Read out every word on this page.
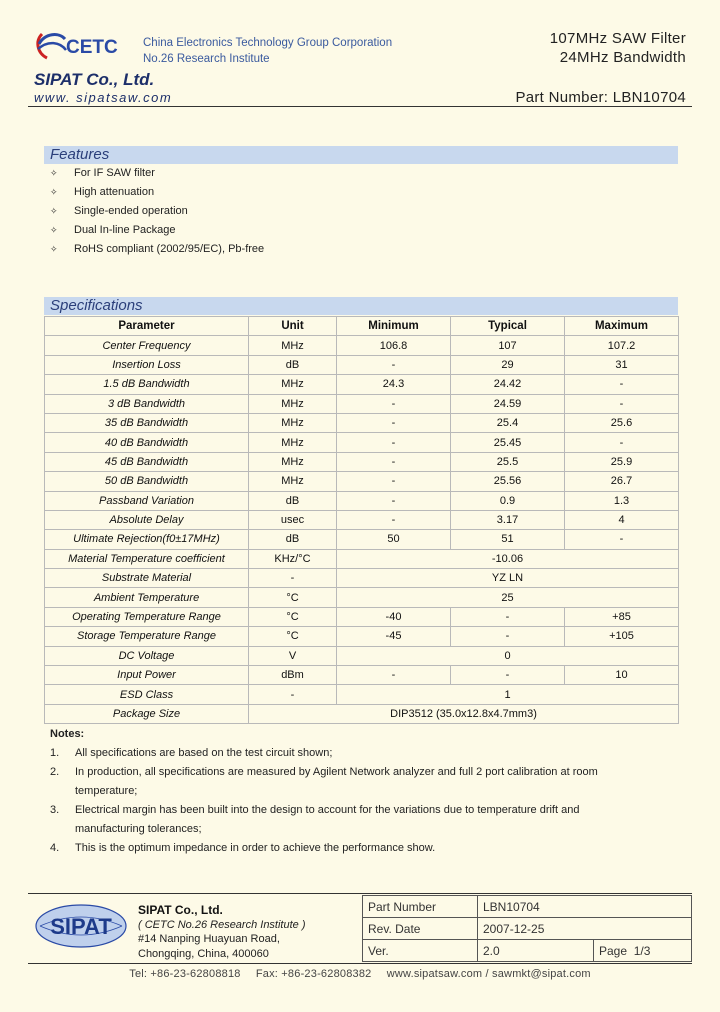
CETC China Electronics Technology Group Corporation
No.26 Research Institute
107MHz SAW Filter
24MHz Bandwidth
Part Number: LBN10704
SIPAT Co., Ltd.
www. sipatsaw.com
Features
✧ For IF SAW filter
✧ High attenuation
✧ Single-ended operation
✧ Dual In-line Package
✧ RoHS compliant (2002/95/EC), Pb-free
Specifications
Parameter	Unit	Minimum	Typical	Maximum
Center Frequency	MHz	106.8	107	107.2
Insertion Loss	dB	-	29	31
1.5 dB Bandwidth	MHz	24.3	24.42	-
3 dB Bandwidth	MHz	-	24.59	-
35 dB Bandwidth	MHz	-	25.4	25.6
40 dB Bandwidth	MHz	-	25.45	-
45 dB Bandwidth	MHz	-	25.5	25.9
50 dB Bandwidth	MHz	-	25.56	26.7
Passband Variation	dB	-	0.9	1.3
Absolute Delay	usec	-	3.17	4
Ultimate Rejection(f0±17MHz)	dB	50	51	-
Material Temperature coefficient	KHz/°C	-10.06		
Substrate Material	-	YZ LN		
Ambient Temperature	°C	25		
Operating Temperature Range	°C	-40	-	+85
Storage Temperature Range	°C	-45	-	+105
DC Voltage	V	0		
Input Power	dBm	-	-	10
ESD Class	-	1		
Package Size	DIP3512 (35.0x12.8x4.7mm3)			
Notes:
1. All specifications are based on the test circuit shown;
2. In production, all specifications are measured by Agilent Network analyzer and full 2 port calibration at room temperature;
3. Electrical margin has been built into the design to account for the variations due to temperature drift and manufacturing tolerances;
4. This is the optimum impedance in order to achieve the performance show.
SIPAT
SIPAT Co., Ltd.
( CETC No.26 Research Institute )
#14 Nanping Huayuan Road,
Chongqing, China, 400060
Part Number	LBN10704	
Rev. Date	2007-12-25	
Ver.	2.0	Page 1/3
Tel: +86-23-62808818 Fax: +86-23-62808382 www.sipatsaw.com / sawmkt@sipat.com
